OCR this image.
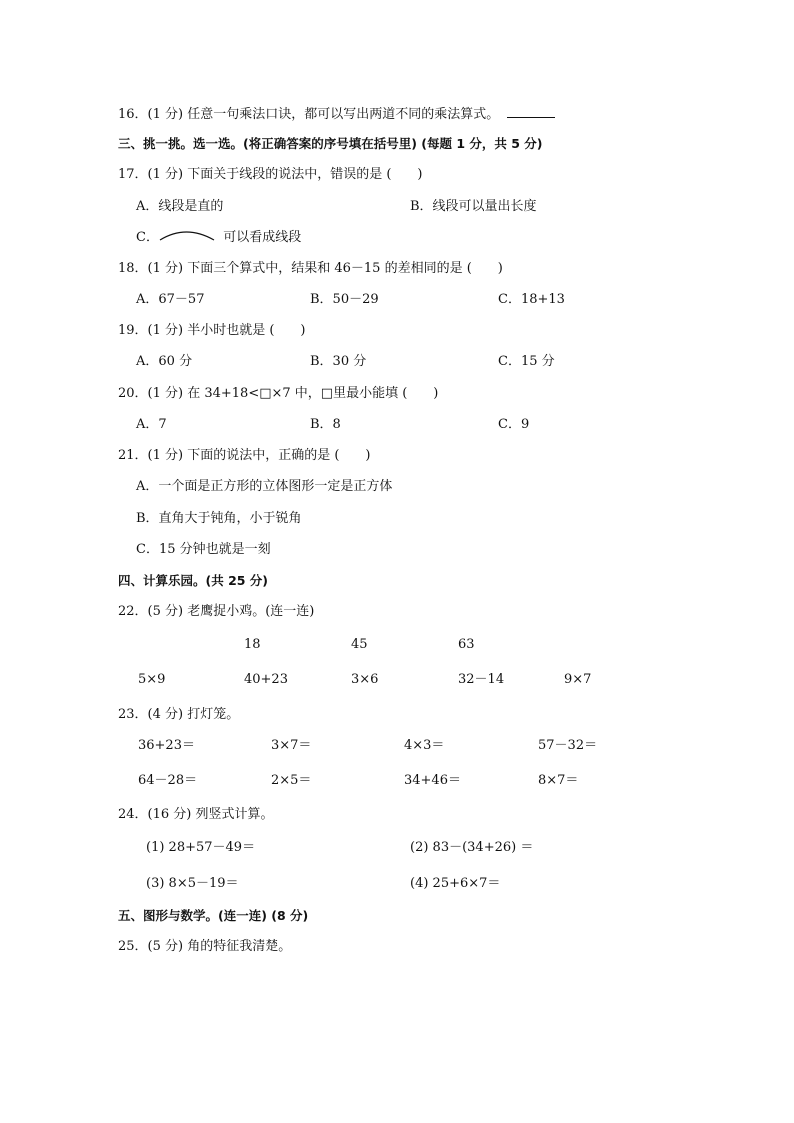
16．(1 分) 任意一句乘法口诀，都可以写出两道不同的乘法算式。
三、挑一挑。选一选。(将正确答案的序号填在括号里) (每题 1 分，共 5 分)
17．(1 分) 下面关于线段的说法中，错误的是 (　　)
A．线段是直的	B．线段可以量出长度
C．	可以看成线段
18．(1 分) 下面三个算式中，结果和 46－15 的差相同的是 (　　)
A．67－57	B．50－29	C．18+13
19．(1 分) 半小时也就是 (　　)
A．60 分	B．30 分	C．15 分
20．(1 分) 在 34+18<□×7 中，□里最小能填 (　　)
A．7	B．8	C．9
21．(1 分) 下面的说法中，正确的是 (　　)
A．一个面是正方形的立体图形一定是正方体
B．直角大于钝角，小于锐角
C．15 分钟也就是一刻
四、计算乐园。(共 25 分)
22．(5 分) 老鹰捉小鸡。(连一连)
18	45	63
5×9	40+23	3×6	32－14	9×7
23．(4 分) 打灯笼。
36+23＝	3×7＝	4×3＝	57－32＝
64－28＝	2×5＝	34+46＝	8×7＝
24．(16 分) 列竖式计算。
(1) 28+57－49＝	(2) 83－(34+26) ＝
(3) 8×5－19＝	(4) 25+6×7＝
五、图形与数学。(连一连) (8 分)
25．(5 分) 角的特征我清楚。
